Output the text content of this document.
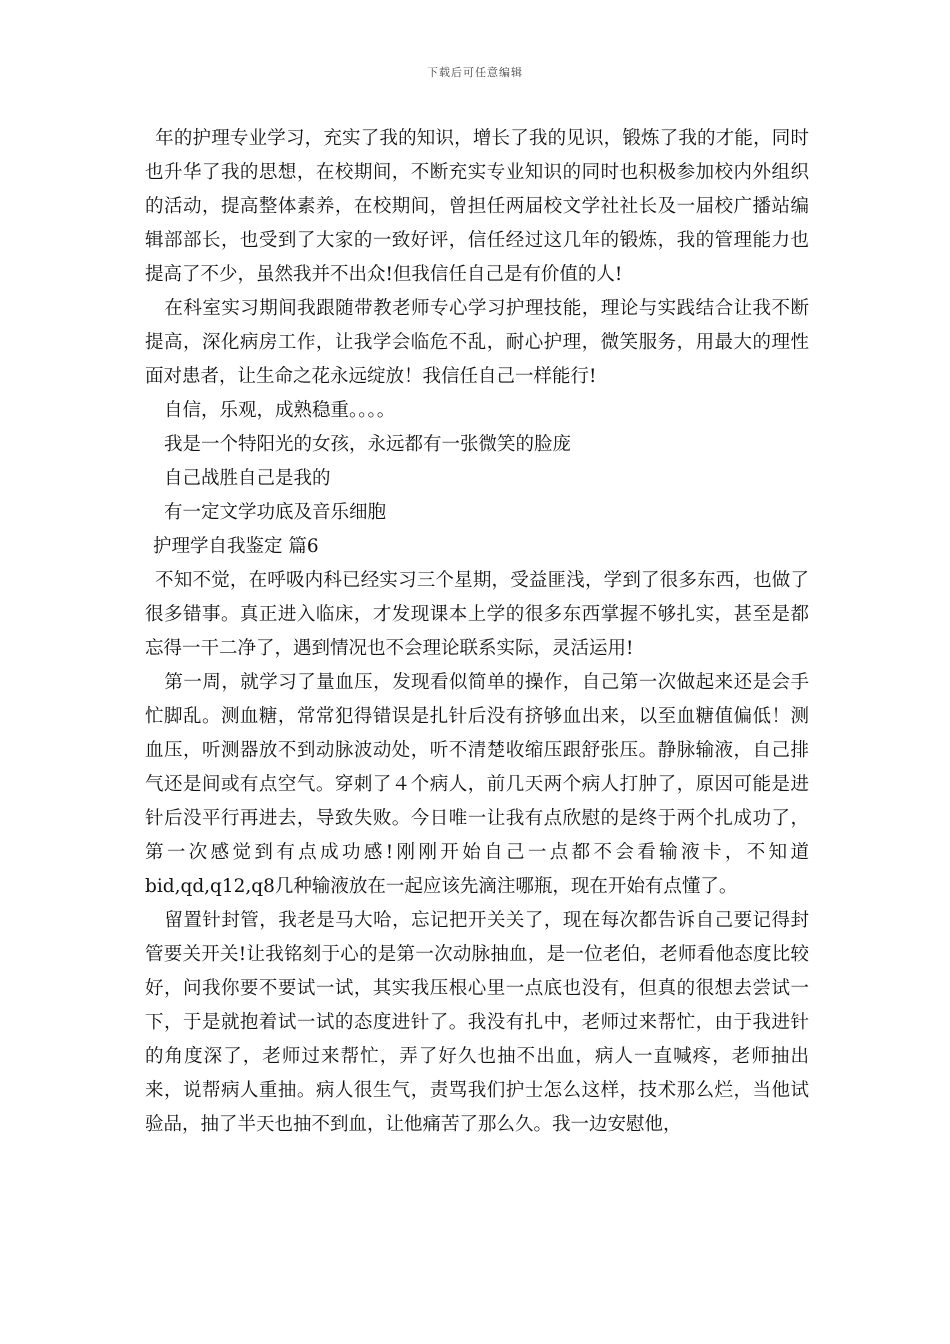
下载后可任意编辑

年的护理专业学习，充实了我的知识，增长了我的见识，锻炼了我的才能，同时也升华了我的思想，在校期间，不断充实专业知识的同时也积极参加校内外组织的活动，提高整体素养，在校期间，曾担任两届校文学社社长及一届校广播站编辑部部长，也受到了大家的一致好评，信任经过这几年的锻炼，我的管理能力也提高了不少，虽然我并不出众!但我信任自己是有价值的人!

在科室实习期间我跟随带教老师专心学习护理技能，理论与实践结合让我不断提高，深化病房工作，让我学会临危不乱，耐心护理，微笑服务，用最大的理性面对患者，让生命之花永远绽放！我信任自己一样能行!

自信，乐观，成熟稳重。。。。

我是一个特阳光的女孩，永远都有一张微笑的脸庞

自己战胜自己是我的

有一定文学功底及音乐细胞

护理学自我鉴定 篇6

不知不觉，在呼吸内科已经实习三个星期，受益匪浅，学到了很多东西，也做了很多错事。真正进入临床，才发现课本上学的很多东西掌握不够扎实，甚至是都忘得一干二净了，遇到情况也不会理论联系实际，灵活运用!

第一周，就学习了量血压，发现看似简单的操作，自己第一次做起来还是会手忙脚乱。测血糖，常常犯得错误是扎针后没有挤够血出来，以至血糖值偏低！测血压，听测器放不到动脉波动处，听不清楚收缩压跟舒张压。静脉输液，自己排气还是间或有点空气。穿刺了４个病人，前几天两个病人打肿了，原因可能是进针后没平行再进去，导致失败。今日唯一让我有点欣慰的是终于两个扎成功了，第一次感觉到有点成功感!刚刚开始自己一点都不会看输液卡，不知道bid,qd,q12,q8几种输液放在一起应该先滴注哪瓶，现在开始有点懂了。

留置针封管，我老是马大哈，忘记把开关关了，现在每次都告诉自己要记得封管要关开关!让我铭刻于心的是第一次动脉抽血，是一位老伯，老师看他态度比较好，问我你要不要试一试，其实我压根心里一点底也没有，但真的很想去尝试一下，于是就抱着试一试的态度进针了。我没有扎中，老师过来帮忙，由于我进针的角度深了，老师过来帮忙，弄了好久也抽不出血，病人一直喊疼，老师抽出来，说帮病人重抽。病人很生气，责骂我们护士怎么这样，技术那么烂，当他试验品，抽了半天也抽不到血，让他痛苦了那么久。我一边安慰他，
